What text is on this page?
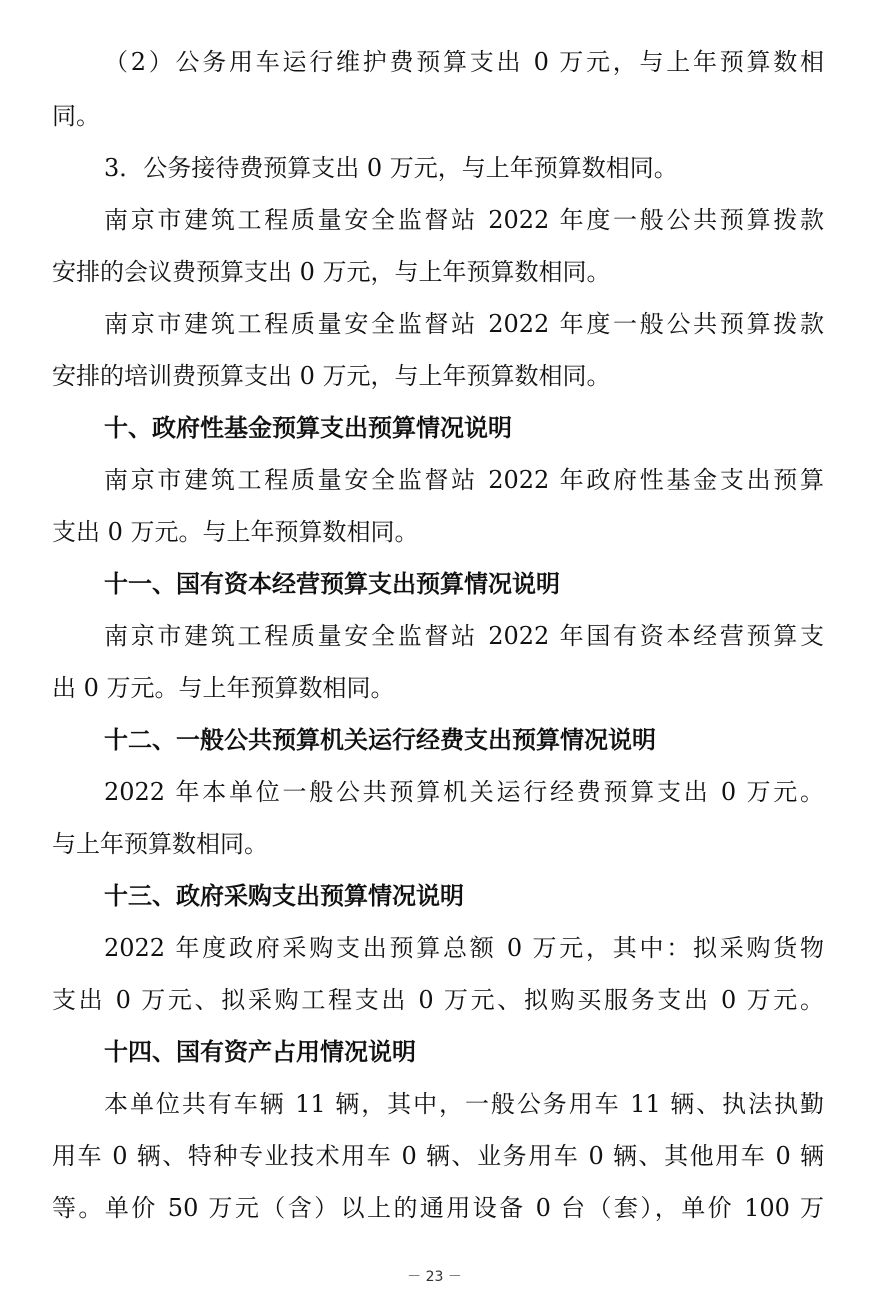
（2）公务用车运行维护费预算支出 0 万元，与上年预算数相
同。
3．公务接待费预算支出 0 万元，与上年预算数相同。
南京市建筑工程质量安全监督站 2022 年度一般公共预算拨款
安排的会议费预算支出 0 万元，与上年预算数相同。
南京市建筑工程质量安全监督站 2022 年度一般公共预算拨款
安排的培训费预算支出 0 万元，与上年预算数相同。
十、政府性基金预算支出预算情况说明
南京市建筑工程质量安全监督站 2022 年政府性基金支出预算
支出 0 万元。与上年预算数相同。
十一、国有资本经营预算支出预算情况说明
南京市建筑工程质量安全监督站 2022 年国有资本经营预算支
出 0 万元。与上年预算数相同。
十二、一般公共预算机关运行经费支出预算情况说明
2022 年本单位一般公共预算机关运行经费预算支出 0 万元。
与上年预算数相同。
十三、政府采购支出预算情况说明
2022 年度政府采购支出预算总额 0 万元，其中：拟采购货物
支出 0 万元、拟采购工程支出 0 万元、拟购买服务支出 0 万元。
十四、国有资产占用情况说明
本单位共有车辆 11 辆，其中，一般公务用车 11 辆、执法执勤
用车 0 辆、特种专业技术用车 0 辆、业务用车 0 辆、其他用车 0 辆
等。单价 50 万元（含）以上的通用设备 0 台（套），单价 100 万
－ 23 －
